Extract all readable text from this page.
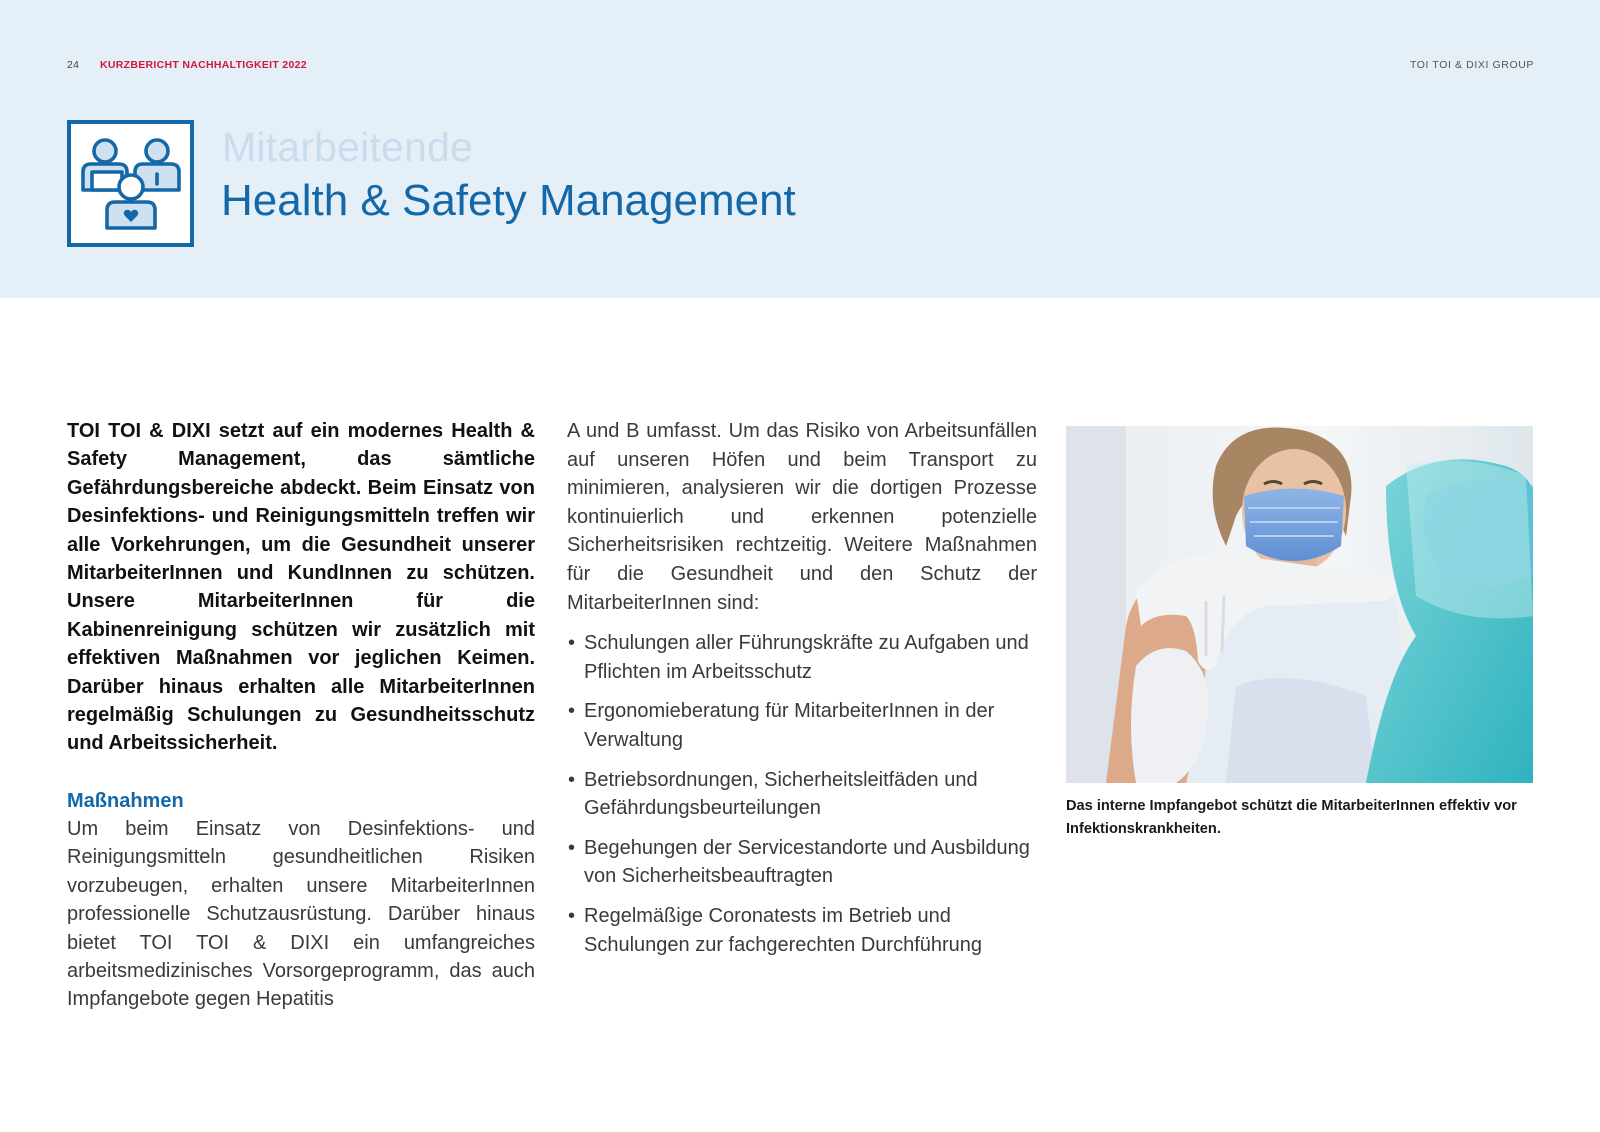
24 KURZBERICHT NACHHALTIGKEIT 2022	TOI TOI & DIXI GROUP
Mitarbeitende
Health & Safety Management

TOI TOI & DIXI setzt auf ein modernes Health & Safety Management, das sämtliche Gefährdungsbereiche abdeckt. Beim Einsatz von Desinfektions- und Reinigungsmitteln treffen wir alle Vorkehrungen, um die Gesundheit unserer MitarbeiterInnen und KundInnen zu schützen. Unsere MitarbeiterInnen für die Kabinenreinigung schützen wir zusätzlich mit effektiven Maßnahmen vor jeglichen Keimen. Darüber hinaus erhalten alle MitarbeiterInnen regelmäßig Schulungen zu Gesundheitsschutz und Arbeitssicherheit.

Maßnahmen

Um beim Einsatz von Desinfektions- und Reinigungsmitteln gesundheitlichen Risiken vorzubeugen, erhalten unsere MitarbeiterInnen professionelle Schutzausrüstung. Darüber hinaus bietet TOI TOI & DIXI ein umfangreiches arbeitsmedizinisches Vorsorgeprogramm, das auch Impfangebote gegen Hepatitis

A und B umfasst. Um das Risiko von Arbeitsunfällen auf unseren Höfen und beim Transport zu minimieren, analysieren wir die dortigen Prozesse kontinuierlich und erkennen potenzielle Sicherheitsrisiken rechtzeitig. Weitere Maßnahmen für die Gesundheit und den Schutz der MitarbeiterInnen sind:

• Schulungen aller Führungskräfte zu Aufgaben und Pflichten im Arbeitsschutz
• Ergonomieberatung für MitarbeiterInnen in der Verwaltung
• Betriebsordnungen, Sicherheitsleitfäden und Gefährdungsbeurteilungen
• Begehungen der Servicestandorte und Ausbildung von Sicherheitsbeauftragten
• Regelmäßige Coronatests im Betrieb und Schulungen zur fachgerechten Durchführung
Das interne Impfangebot schützt die MitarbeiterInnen effektiv vor Infektionskrankheiten.
